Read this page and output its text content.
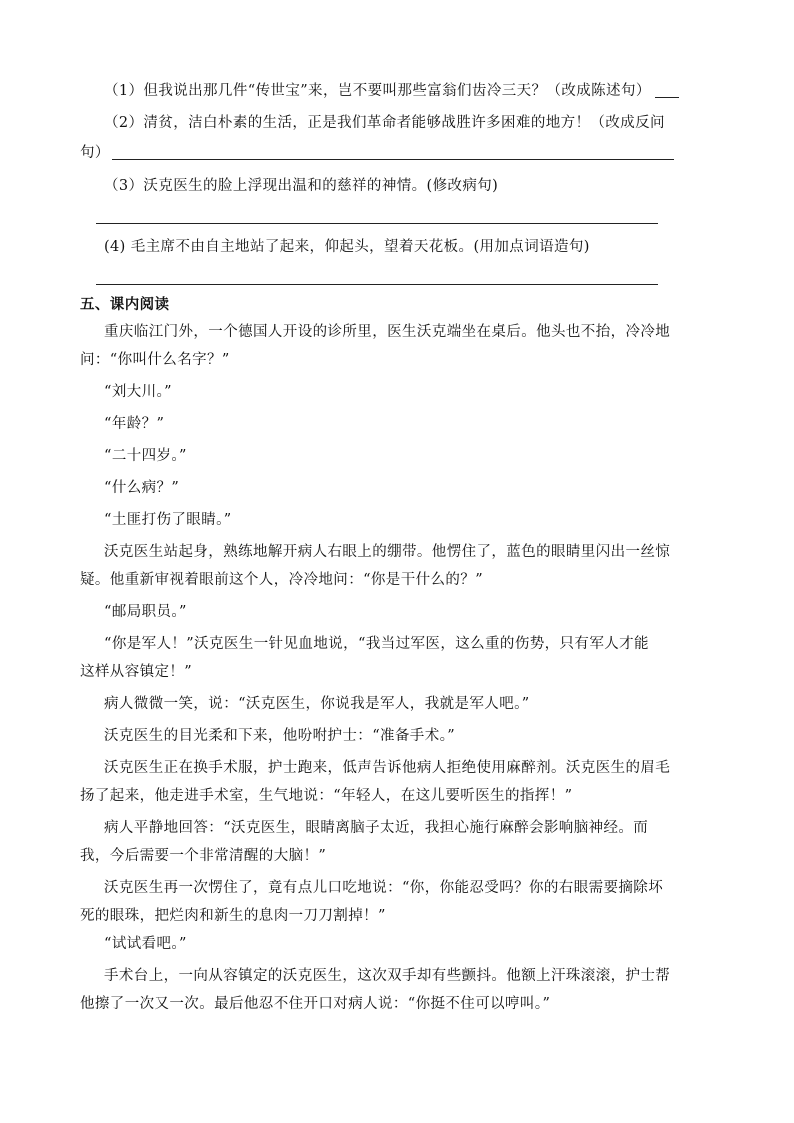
（1）但我说出那几件“传世宝”来，岂不要叫那些富翁们齿冷三天？（改成陈述句）
（2）清贫，洁白朴素的生活，正是我们革命者能够战胜许多困难的地方！（改成反问
句）
（3）沃克医生的脸上浮现出温和的慈祥的神情。(修改病句)
(4) 毛主席不由自主地站了起来，仰起头，望着天花板。(用加点词语造句)
五、课内阅读
重庆临江门外，一个德国人开设的诊所里，医生沃克端坐在桌后。他头也不抬，冷冷地
问：“你叫什么名字？”
“刘大川。”
“年龄？”
“二十四岁。”
“什么病？”
“土匪打伤了眼睛。”
沃克医生站起身，熟练地解开病人右眼上的绷带。他愣住了，蓝色的眼睛里闪出一丝惊
疑。他重新审视着眼前这个人，冷冷地问：“你是干什么的？”
“邮局职员。”
“你是军人！”沃克医生一针见血地说，“我当过军医，这么重的伤势，只有军人才能
这样从容镇定！”
病人微微一笑，说：“沃克医生，你说我是军人，我就是军人吧。”
沃克医生的目光柔和下来，他吩咐护士：“准备手术。”
沃克医生正在换手术服，护士跑来，低声告诉他病人拒绝使用麻醉剂。沃克医生的眉毛
扬了起来，他走进手术室，生气地说：“年轻人，在这儿要听医生的指挥！”
病人平静地回答：“沃克医生，眼睛离脑子太近，我担心施行麻醉会影响脑神经。而
我，今后需要一个非常清醒的大脑！”
沃克医生再一次愣住了，竟有点儿口吃地说：“你，你能忍受吗？你的右眼需要摘除坏
死的眼珠，把烂肉和新生的息肉一刀刀割掉！”
“试试看吧。”
手术台上，一向从容镇定的沃克医生，这次双手却有些颤抖。他额上汗珠滚滚，护士帮
他擦了一次又一次。最后他忍不住开口对病人说：“你挺不住可以哼叫。”
